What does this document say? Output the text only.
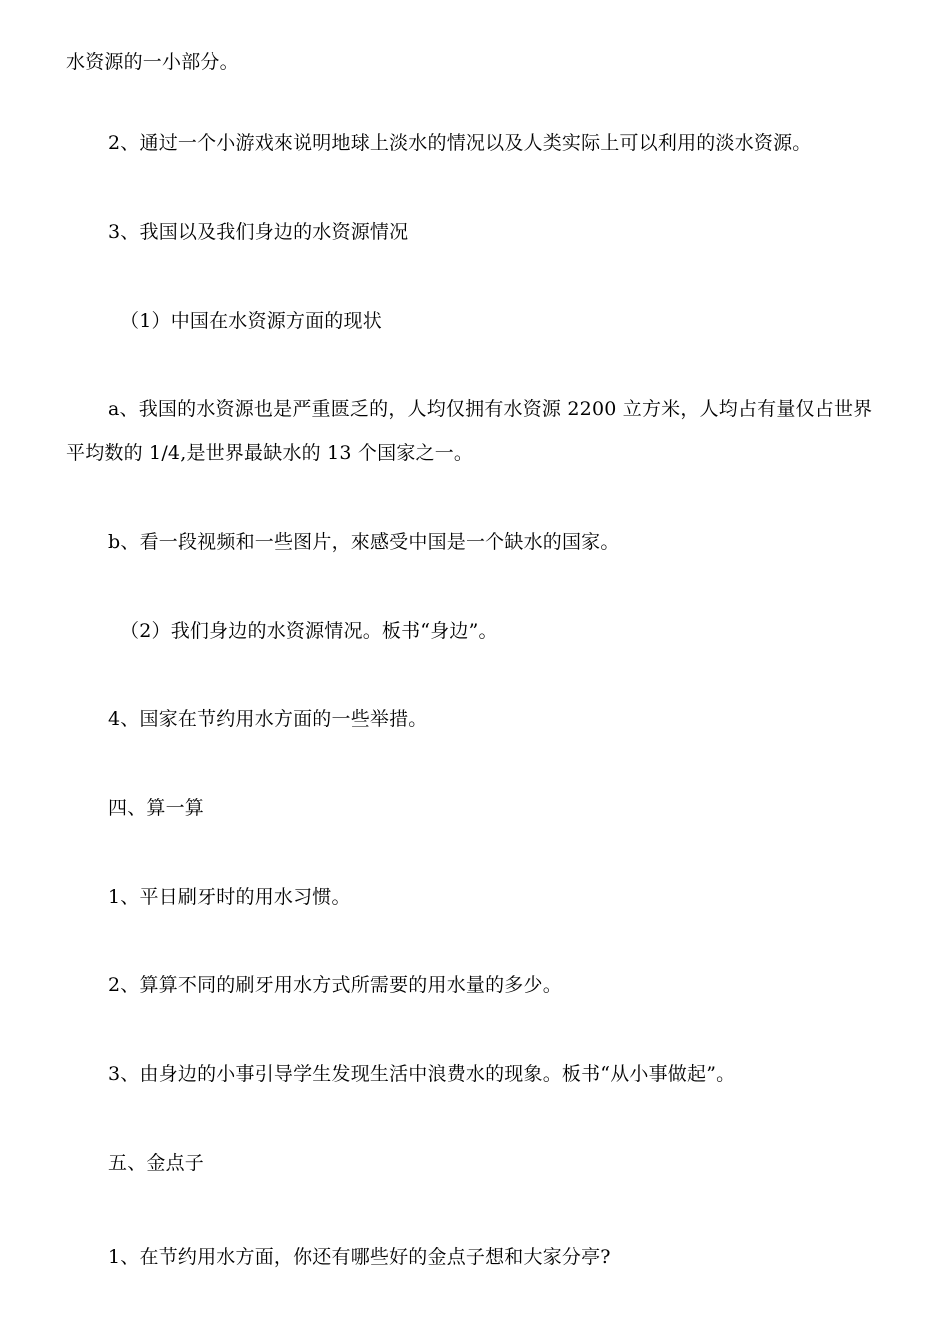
水资源的一小部分。

2、通过一个小游戏來说明地球上淡水的情况以及人类实际上可以利用的淡水资源。

3、我国以及我们身边的水资源情况

（1）中国在水资源方面的现状

a、我国的水资源也是严重匮乏的，人均仅拥有水资源 2200 立方米，人均占有量仅占世界

平均数的 1/4,是世界最缺水的 13 个国家之一。

b、看一段视频和一些图片，來感受中国是一个缺水的国家。

（2）我们身边的水资源情况。板书“身边”。

4、国家在节约用水方面的一些举措。

四、算一算

1、平日刷牙时的用水习惯。

2、算算不同的刷牙用水方式所需要的用水量的多少。

3、由身边的小事引导学生发现生活中浪费水的现象。板书“从小事做起”。

五、金点子

1、在节约用水方面，你还有哪些好的金点子想和大家分亭?
